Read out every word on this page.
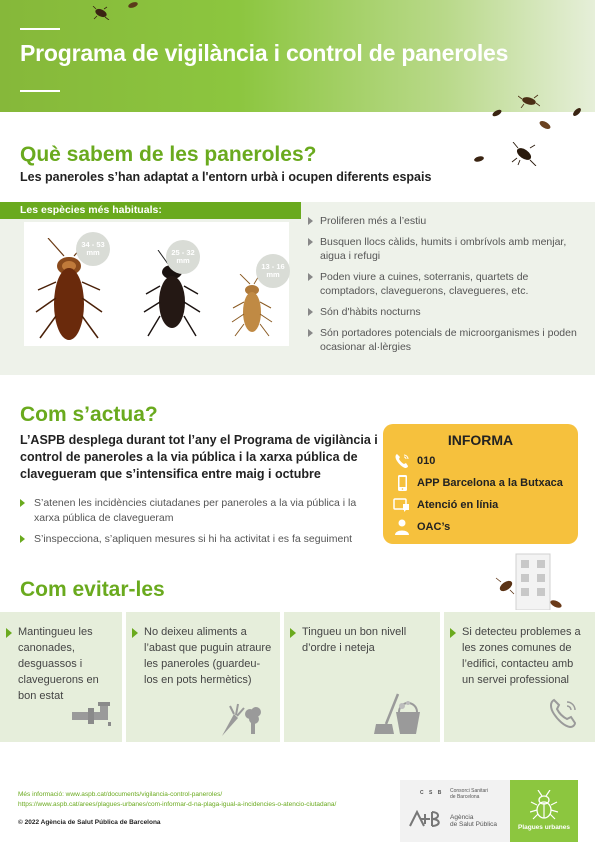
Programa de vigilància i control de paneroles
Què sabem de les paneroles?
Les paneroles s’han adaptat a l'entorn urbà i ocupen diferents espais
Les espècies més habituals:
34 - 53
mm	25 - 32
mm
13 - 16
mm
Proliferen més a l’estiu
Busquen llocs càlids, humits i ombrívols amb menjar, aigua i refugi
Poden viure a cuines, soterranis, quartets de comptadors, claveguerons, clavegueres, etc.
Són d'hàbits nocturns
Són portadores potencials de microorganismes i poden ocasionar al·lèrgies
Com s’actua?
L’ASPB desplega durant tot l’any el Programa de vigilància i control de paneroles a la via pública i la xarxa pública de claveguera​m que s’intensifica entre maig i octubre
S’atenen les incidències ciutadanes per paneroles a la via pública i la xarxa pública de claveguera​m
S’inspecciona, s’apliquen mesures si hi ha activitat i es fa seguiment
INFORMA
010
APP Barcelona a la Butxaca
Atenció en línia
OAC’s
Com evitar-les
Mantingueu les canonades, desguassos i claveguerons en bon estat
No deixeu aliments a l’abast que puguin atraure les paneroles (guardeu-los en pots hermètics)
Tingueu un bon nivell d’ordre i neteja
Si detecteu problemes a les zones comunes de l’edifici, contacteu amb un servei professional
Més informació: www.aspb.cat/documents/vigilancia-control-paneroles/
https://www.aspb.cat/arees/plagues-urbanes/com-informar-d-na-plaga-igual-a-incidencies-o-atencio-ciutadana/
© 2022 Agència de Salut Pública de Barcelona
C S B Consorci Sanitari
de Barcelona
Agència
de Salut Pública	Plagues urbanes
